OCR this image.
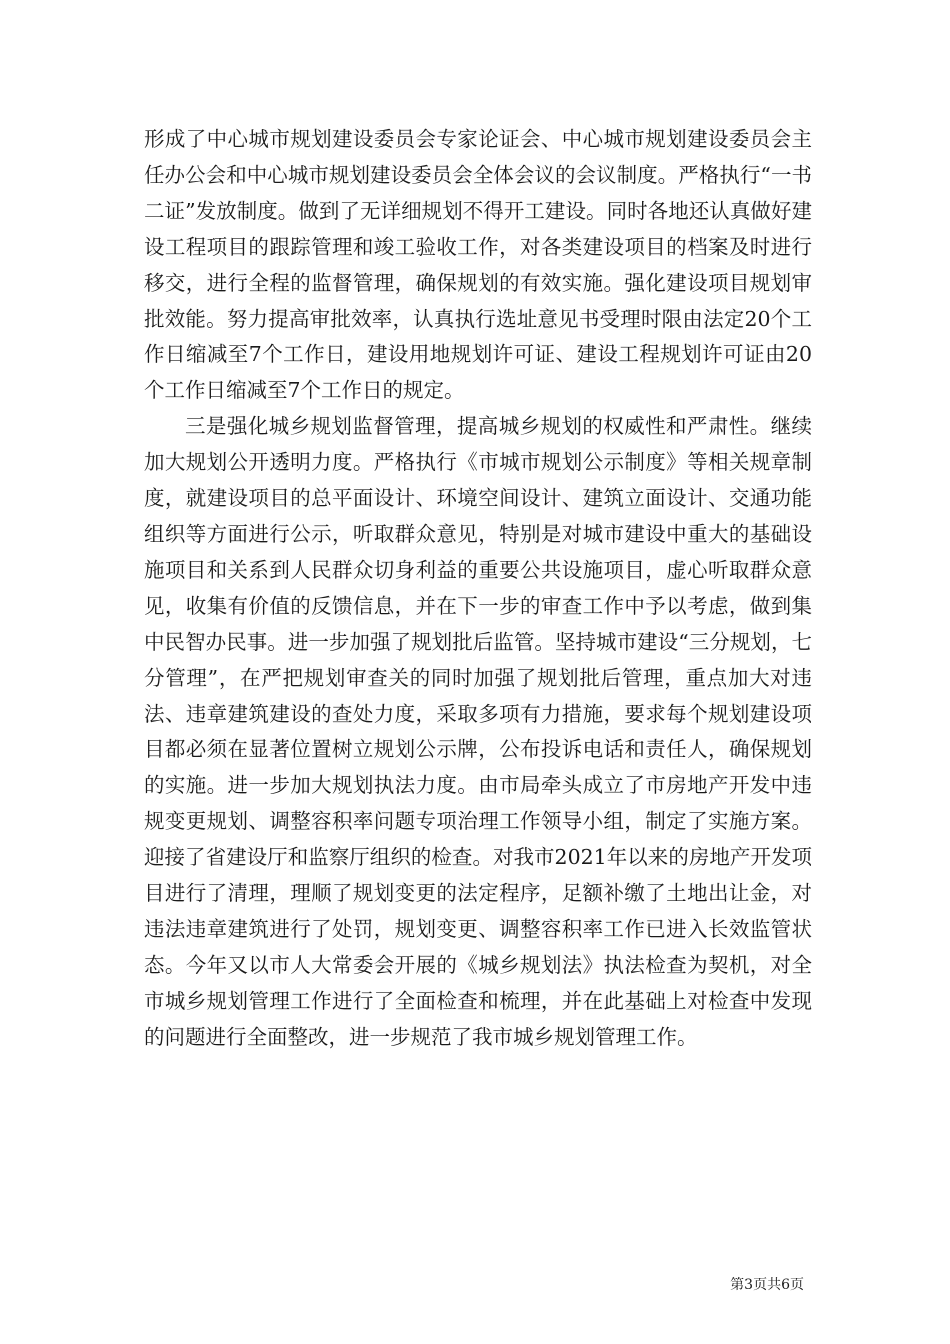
形成了中心城市规划建设委员会专家论证会、中心城市规划建设委员会主任办公会和中心城市规划建设委员会全体会议的会议制度。严格执行“一书二证”发放制度。做到了无详细规划不得开工建设。同时各地还认真做好建设工程项目的跟踪管理和竣工验收工作，对各类建设项目的档案及时进行移交，进行全程的监督管理，确保规划的有效实施。强化建设项目规划审批效能。努力提高审批效率，认真执行选址意见书受理时限由法定20个工作日缩减至7个工作日，建设用地规划许可证、建设工程规划许可证由20个工作日缩减至7个工作日的规定。

三是强化城乡规划监督管理，提高城乡规划的权威性和严肃性。继续加大规划公开透明力度。严格执行《市城市规划公示制度》等相关规章制度，就建设项目的总平面设计、环境空间设计、建筑立面设计、交通功能组织等方面进行公示，听取群众意见，特别是对城市建设中重大的基础设施项目和关系到人民群众切身利益的重要公共设施项目，虚心听取群众意见，收集有价值的反馈信息，并在下一步的审查工作中予以考虑，做到集中民智办民事。进一步加强了规划批后监管。坚持城市建设“三分规划，七分管理”，在严把规划审查关的同时加强了规划批后管理，重点加大对违法、违章建筑建设的查处力度，采取多项有力措施，要求每个规划建设项目都必须在显著位置树立规划公示牌，公布投诉电话和责任人，确保规划的实施。进一步加大规划执法力度。由市局牵头成立了市房地产开发中违规变更规划、调整容积率问题专项治理工作领导小组，制定了实施方案。迎接了省建设厅和监察厅组织的检查。对我市2021年以来的房地产开发项目进行了清理，理顺了规划变更的法定程序，足额补缴了土地出让金，对违法违章建筑进行了处罚，规划变更、调整容积率工作已进入长效监管状态。今年又以市人大常委会开展的《城乡规划法》执法检查为契机，对全市城乡规划管理工作进行了全面检查和梳理，并在此基础上对检查中发现的问题进行全面整改，进一步规范了我市城乡规划管理工作。

第3页共6页
